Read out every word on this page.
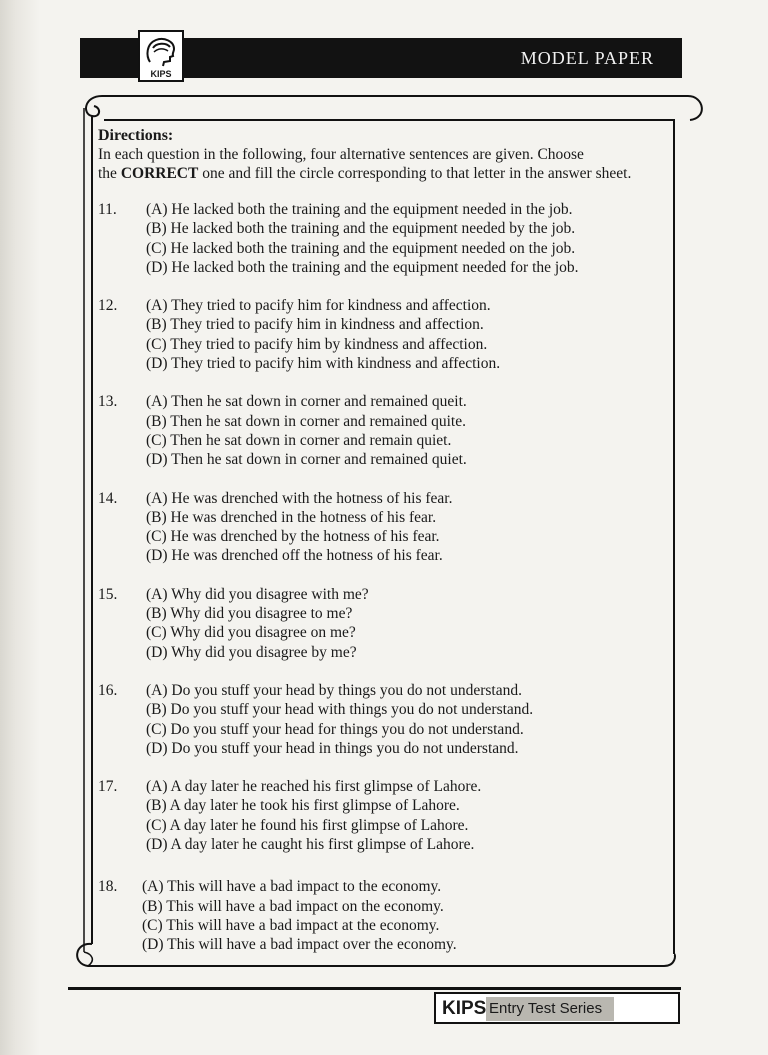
MODEL PAPER
KIPS
Directions:

In each question in the following, four alternative sentences are given. Choose

the CORRECT one and fill the circle corresponding to that letter in the answer sheet.

11. (A) He lacked both the training and the equipment needed in the job.
(B) He lacked both the training and the equipment needed by the job.
(C) He lacked both the training and the equipment needed on the job.
(D) He lacked both the training and the equipment needed for the job.
12. (A) They tried to pacify him for kindness and affection.
(B) They tried to pacify him in kindness and affection.
(C) They tried to pacify him by kindness and affection.
(D) They tried to pacify him with kindness and affection.
13. (A) Then he sat down in corner and remained queit.
(B) Then he sat down in corner and remained quite.
(C) Then he sat down in corner and remain quiet.
(D) Then he sat down in corner and remained quiet.
14. (A) He was drenched with the hotness of his fear.
(B) He was drenched in the hotness of his fear.
(C) He was drenched by the hotness of his fear.
(D) He was drenched off the hotness of his fear.
15. (A) Why did you disagree with me?
(B) Why did you disagree to me?
(C) Why did you disagree on me?
(D) Why did you disagree by me?
16. (A) Do you stuff your head by things you do not understand.
(B) Do you stuff your head with things you do not understand.
(C) Do you stuff your head for things you do not understand.
(D) Do you stuff your head in things you do not understand.
17. (A) A day later he reached his first glimpse of Lahore.
(B) A day later he took his first glimpse of Lahore.
(C) A day later he found his first glimpse of Lahore.
(D) A day later he caught his first glimpse of Lahore.
18. (A) This will have a bad impact to the economy.
(B) This will have a bad impact on the economy.
(C) This will have a bad impact at the economy.
(D) This will have a bad impact over the economy.
KIPS Entry Test Series
